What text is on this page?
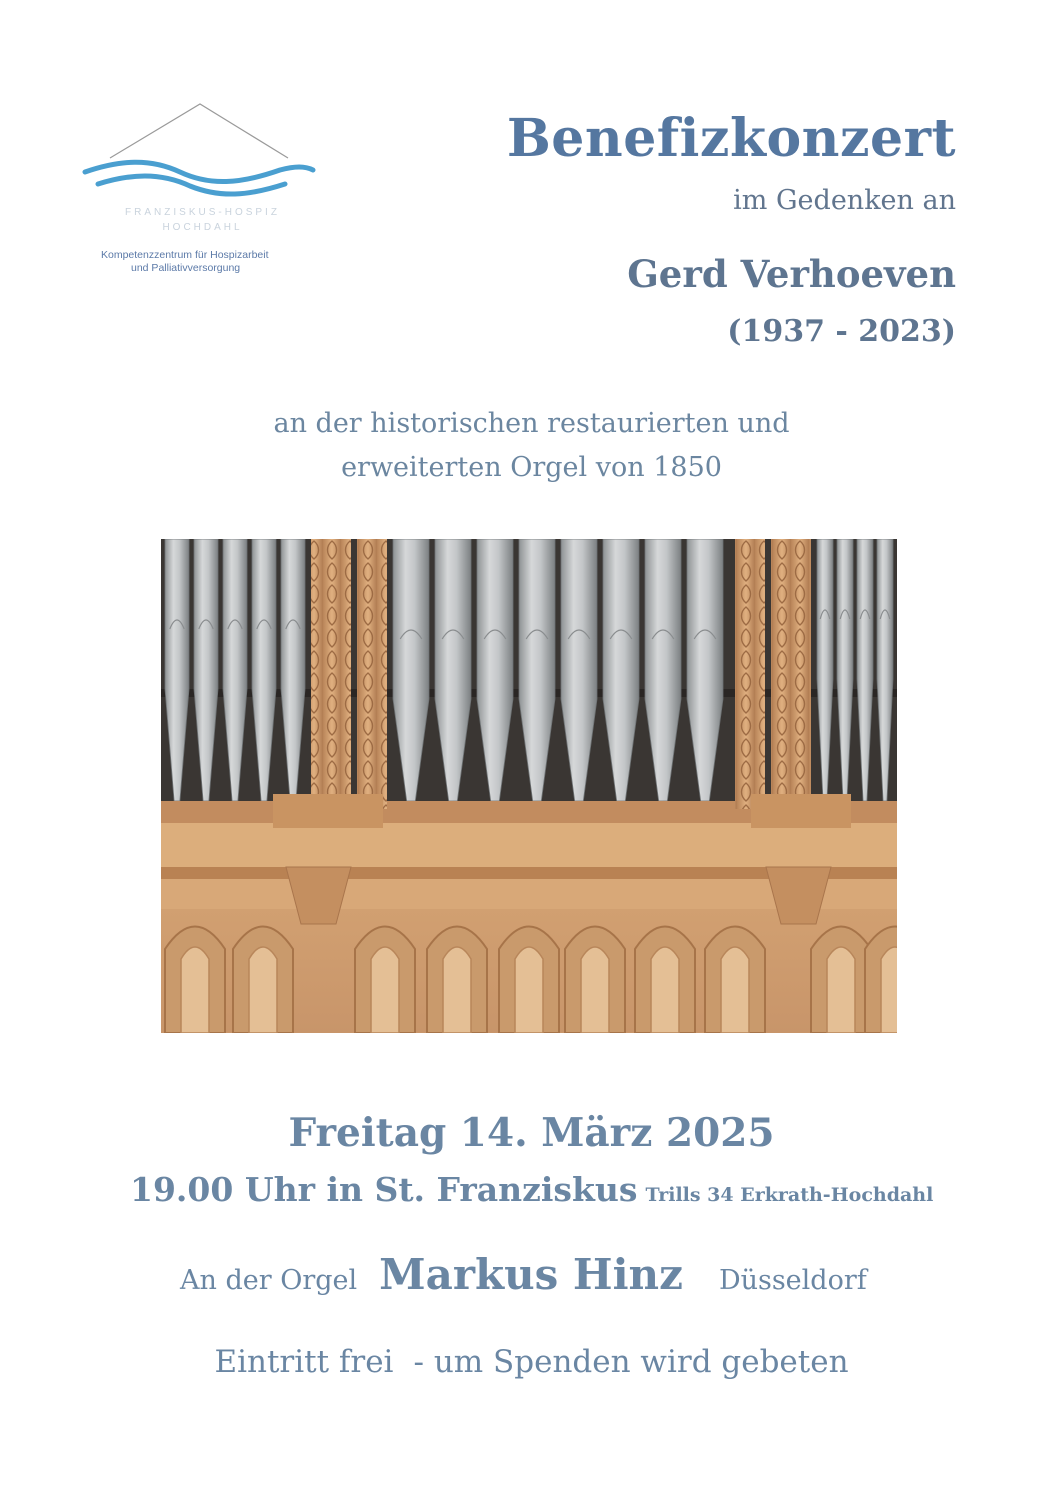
FRANZISKUS-HOSPIZ
HOCHDAHL
Kompetenzzentrum für Hospizarbeit
und Palliativversorgung
Benefizkonzert
im Gedenken an
Gerd Verhoeven
(1937 - 2023)
an der historischen restaurierten und
erweiterten Orgel von 1850
Freitag 14. März 2025
19.00 Uhr in St. Franziskus Trills 34 Erkrath-Hochdahl
An der Orgel Markus Hinz Düsseldorf
Eintritt frei - um Spenden wird gebeten
